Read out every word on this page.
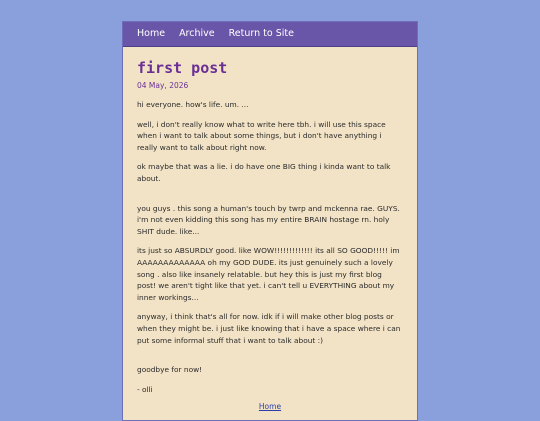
Home Archive Return to Site
first post
04 May, 2026

hi everyone. how's life. um. ...

well, i don't really know what to write here tbh. i will use this space when i want to talk about some things, but i don't have anything i really want to talk about right now.

ok maybe that was a lie. i do have one BIG thing i kinda want to talk about.

you guys . this song a human's touch by twrp and mckenna rae. GUYS. i'm not even kidding this song has my entire BRAIN hostage rn. holy SHIT dude. like...

its just so ABSURDLY good. like WOW!!!!!!!!!!!!! its all SO GOOD!!!!! im AAAAAAAAAAAAA oh my GOD DUDE. its just genuinely such a lovely song . also like insanely relatable. but hey this is just my first blog post! we aren't tight like that yet. i can't tell u EVERYTHING about my inner workings...

anyway, i think that's all for now. idk if i will make other blog posts or when they might be. i just like knowing that i have a space where i can put some informal stuff that i want to talk about :)

goodbye for now!

- olli

Home
